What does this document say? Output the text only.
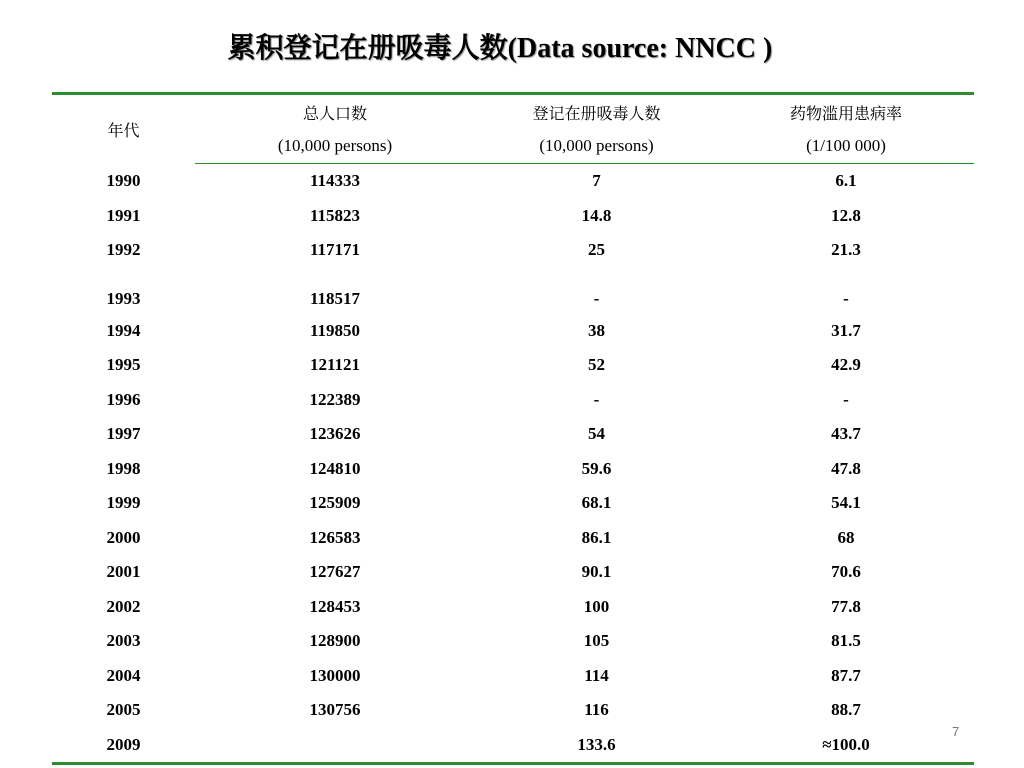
累积登记在册吸毒人数(Data source: NNCC )
年代	总人口数	登记在册吸毒人数	药物滥用患病率
	(10,000 persons)	(10,000 persons)	(1/100 000)
1990	114333	7	6.1
1991	115823	14.8	12.8
1992	117171	25	21.3
1993	118517	-	-
1994	119850	38	31.7
1995	121121	52	42.9
1996	122389	-	-
1997	123626	54	43.7
1998	124810	59.6	47.8
1999	125909	68.1	54.1
2000	126583	86.1	68
2001	127627	90.1	70.6
2002	128453	100	77.8
2003	128900	105	81.5
2004	130000	114	87.7
2005	130756	116	88.7
2009		133.6	≈100.0
7
